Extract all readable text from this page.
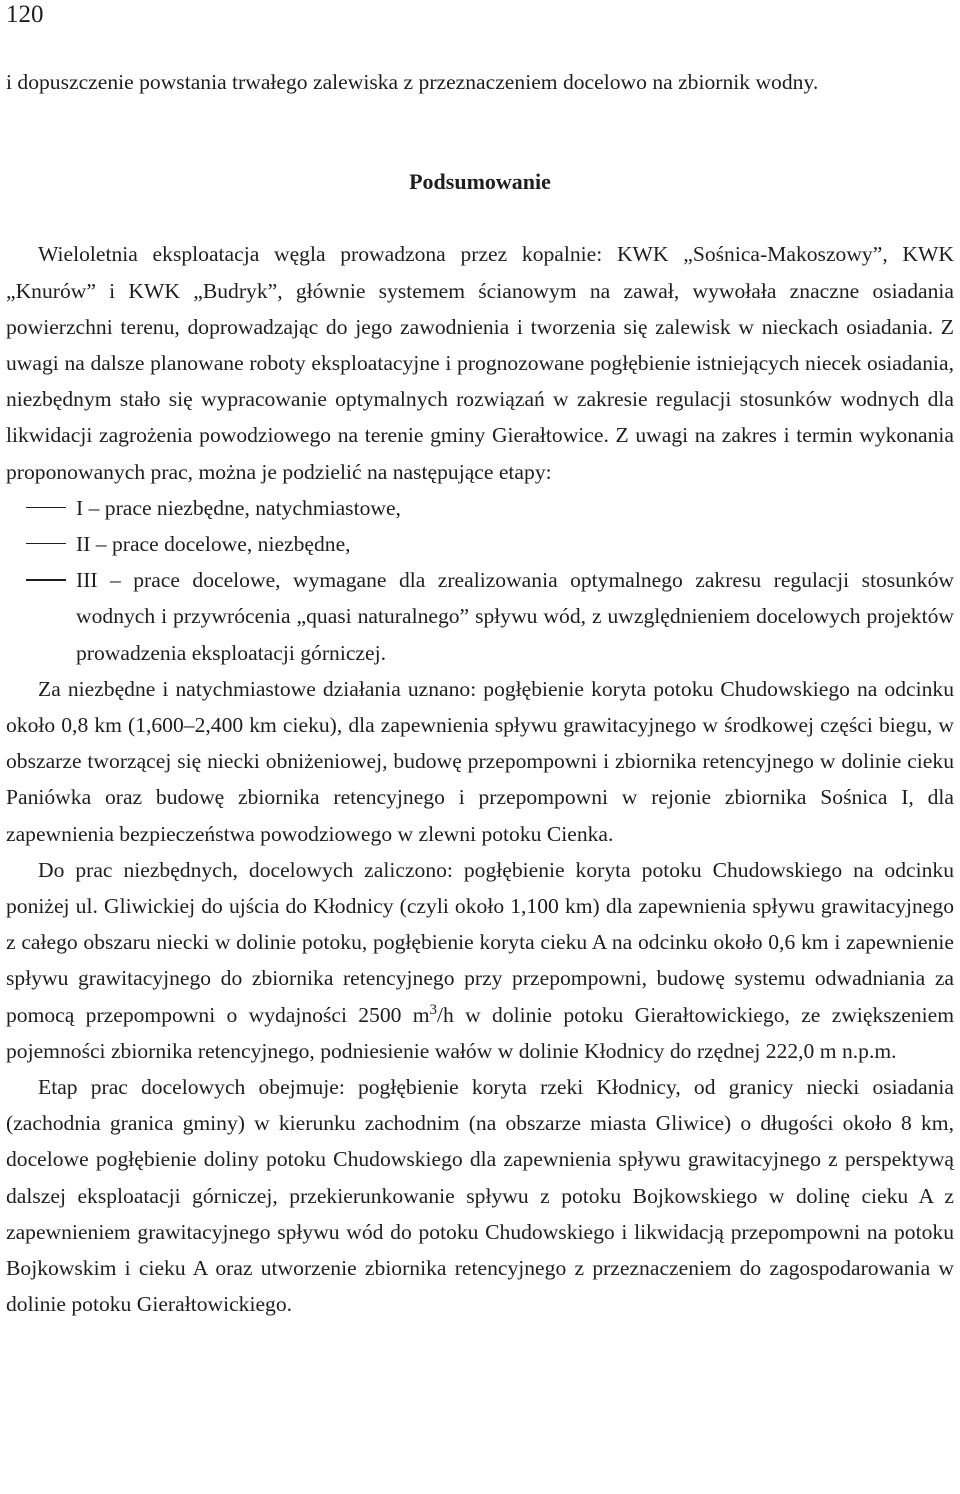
120

i dopuszczenie powstania trwałego zalewiska z przeznaczeniem docelowo na zbiornik wodny.

Podsumowanie

Wieloletnia eksploatacja węgla prowadzona przez kopalnie: KWK „Sośnica-Makoszowy”, KWK „Knurów” i KWK „Budryk”, głównie systemem ścianowym na zawał, wywołała znaczne osiadania powierzchni terenu, doprowadzając do jego zawodnienia i tworzenia się zalewisk w nieckach osiadania. Z uwagi na dalsze planowane roboty eksploatacyjne i prognozowane pogłębienie istniejących niecek osiadania, niezbędnym stało się wypracowanie optymalnych rozwiązań w zakresie regulacji stosunków wodnych dla likwidacji zagrożenia powodziowego na terenie gminy Gierałtowice. Z uwagi na zakres i termin wykonania proponowanych prac, można je podzielić na następujące etapy:

I – prace niezbędne, natychmiastowe,
II – prace docelowe, niezbędne,
III – prace docelowe, wymagane dla zrealizowania optymalnego zakresu regulacji stosunków wodnych i przywrócenia „quasi naturalnego” spływu wód, z uwzględnieniem docelowych projektów prowadzenia eksploatacji górniczej.

Za niezbędne i natychmiastowe działania uznano: pogłębienie koryta potoku Chudowskiego na odcinku około 0,8 km (1,600–2,400 km cieku), dla zapewnienia spływu grawitacyjnego w środkowej części biegu, w obszarze tworzącej się niecki obniżeniowej, budowę przepompowni i zbiornika retencyjnego w dolinie cieku Paniówka oraz budowę zbiornika retencyjnego i przepompowni w rejonie zbiornika Sośnica I, dla zapewnienia bezpieczeństwa powodziowego w zlewni potoku Cienka.

Do prac niezbędnych, docelowych zaliczono: pogłębienie koryta potoku Chudowskiego na odcinku poniżej ul. Gliwickiej do ujścia do Kłodnicy (czyli około 1,100 km) dla zapewnienia spływu grawitacyjnego z całego obszaru niecki w dolinie potoku, pogłębienie koryta cieku A na odcinku około 0,6 km i zapewnienie spływu grawitacyjnego do zbiornika retencyjnego przy przepompowni, budowę systemu odwadniania za pomocą przepompowni o wydajności 2500 $m^3/h$ w dolinie potoku Gierałtowickiego, ze zwiększeniem pojemności zbiornika retencyjnego, podniesienie wałów w dolinie Kłodnicy do rzędnej 222,0 m n.p.m.

Etap prac docelowych obejmuje: pogłębienie koryta rzeki Kłodnicy, od granicy niecki osiadania (zachodnia granica gminy) w kierunku zachodnim (na obszarze miasta Gliwice) o długości około 8 km, docelowe pogłębienie doliny potoku Chudowskiego dla zapewnienia spływu grawitacyjnego z perspektywą dalszej eksploatacji górniczej, przekierunkowanie spływu z potoku Bojkowskiego w dolinę cieku A z zapewnieniem grawitacyjnego spływu wód do potoku Chudowskiego i likwidacją przepompowni na potoku Bojkowskim i cieku A oraz utworzenie zbiornika retencyjnego z przeznaczeniem do zagospodarowania w dolinie potoku Gierałtowickiego.
